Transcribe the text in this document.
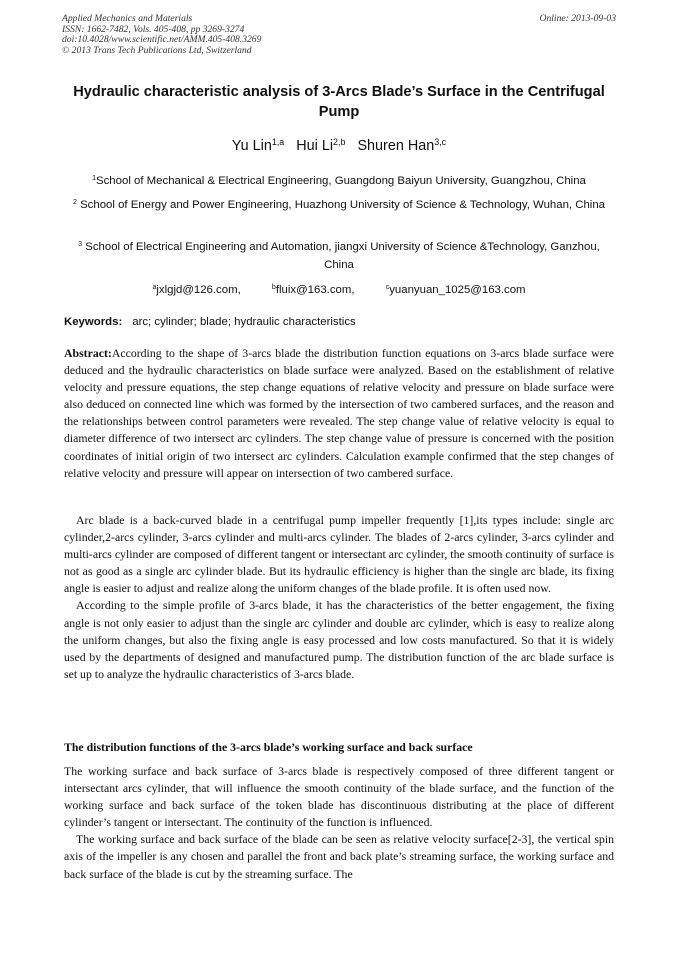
Applied Mechanics and Materials
ISSN: 1662-7482, Vols. 405-408, pp 3269-3274
doi:10.4028/www.scientific.net/AMM.405-408.3269
© 2013 Trans Tech Publications Ltd, Switzerland
Online: 2013-09-03
Hydraulic characteristic analysis of 3-Arcs Blade’s Surface in the Centrifugal Pump
Yu Lin$^{1,a}$ Hui Li$^{2,b}$ Shuren Han$^{3,c}$
$^1$School of Mechanical & Electrical Engineering, Guangdong Baiyun University, Guangzhou, China
$^2$ School of Energy and Power Engineering, Huazhong University of Science & Technology, Wuhan, China
$^3$ School of Electrical Engineering and Automation, jiangxi University of Science &Technology, Ganzhou, China
$^a$jxlgjd@126.com,	$^b$fluix@163.com,	$^c$yuanyuan_1025@163.com
Keywords: arc; cylinder; blade; hydraulic characteristics

Abstract:According to the shape of 3-arcs blade the distribution function equations on 3-arcs blade surface were deduced and the hydraulic characteristics on blade surface were analyzed. Based on the establishment of relative velocity and pressure equations, the step change equations of relative velocity and pressure on blade surface were also deduced on connected line which was formed by the intersection of two cambered surfaces, and the reason and the relationships between control parameters were revealed. The step change value of relative velocity is equal to diameter difference of two intersect arc cylinders. The step change value of pressure is concerned with the position coordinates of initial origin of two intersect arc cylinders. Calculation example confirmed that the step changes of relative velocity and pressure will appear on intersection of two cambered surface.

Arc blade is a back-curved blade in a centrifugal pump impeller frequently [1],its types include: single arc cylinder,2-arcs cylinder, 3-arcs cylinder and multi-arcs cylinder. The blades of 2-arcs cylinder, 3-arcs cylinder and multi-arcs cylinder are composed of different tangent or intersectant arc cylinder, the smooth continuity of surface is not as good as a single arc cylinder blade. But its hydraulic efficiency is higher than the single arc blade, its fixing angle is easier to adjust and realize along the uniform changes of the blade profile. It is often used now.

According to the simple profile of 3-arcs blade, it has the characteristics of the better engagement, the fixing angle is not only easier to adjust than the single arc cylinder and double arc cylinder, which is easy to realize along the uniform changes, but also the fixing angle is easy processed and low costs manufactured. So that it is widely used by the departments of designed and manufactured pump. The distribution function of the arc blade surface is set up to analyze the hydraulic characteristics of 3-arcs blade.

The distribution functions of the 3-arcs blade’s working surface and back surface

The working surface and back surface of 3-arcs blade is respectively composed of three different tangent or intersectant arcs cylinder, that will influence the smooth continuity of the blade surface, and the function of the working surface and back surface of the token blade has discontinuous distributing at the place of different cylinder’s tangent or intersectant. The continuity of the function is influenced.

The working surface and back surface of the blade can be seen as relative velocity surface[2-3], the vertical spin axis of the impeller is any chosen and parallel the front and back plate’s streaming surface, the working surface and back surface of the blade is cut by the streaming surface. The
